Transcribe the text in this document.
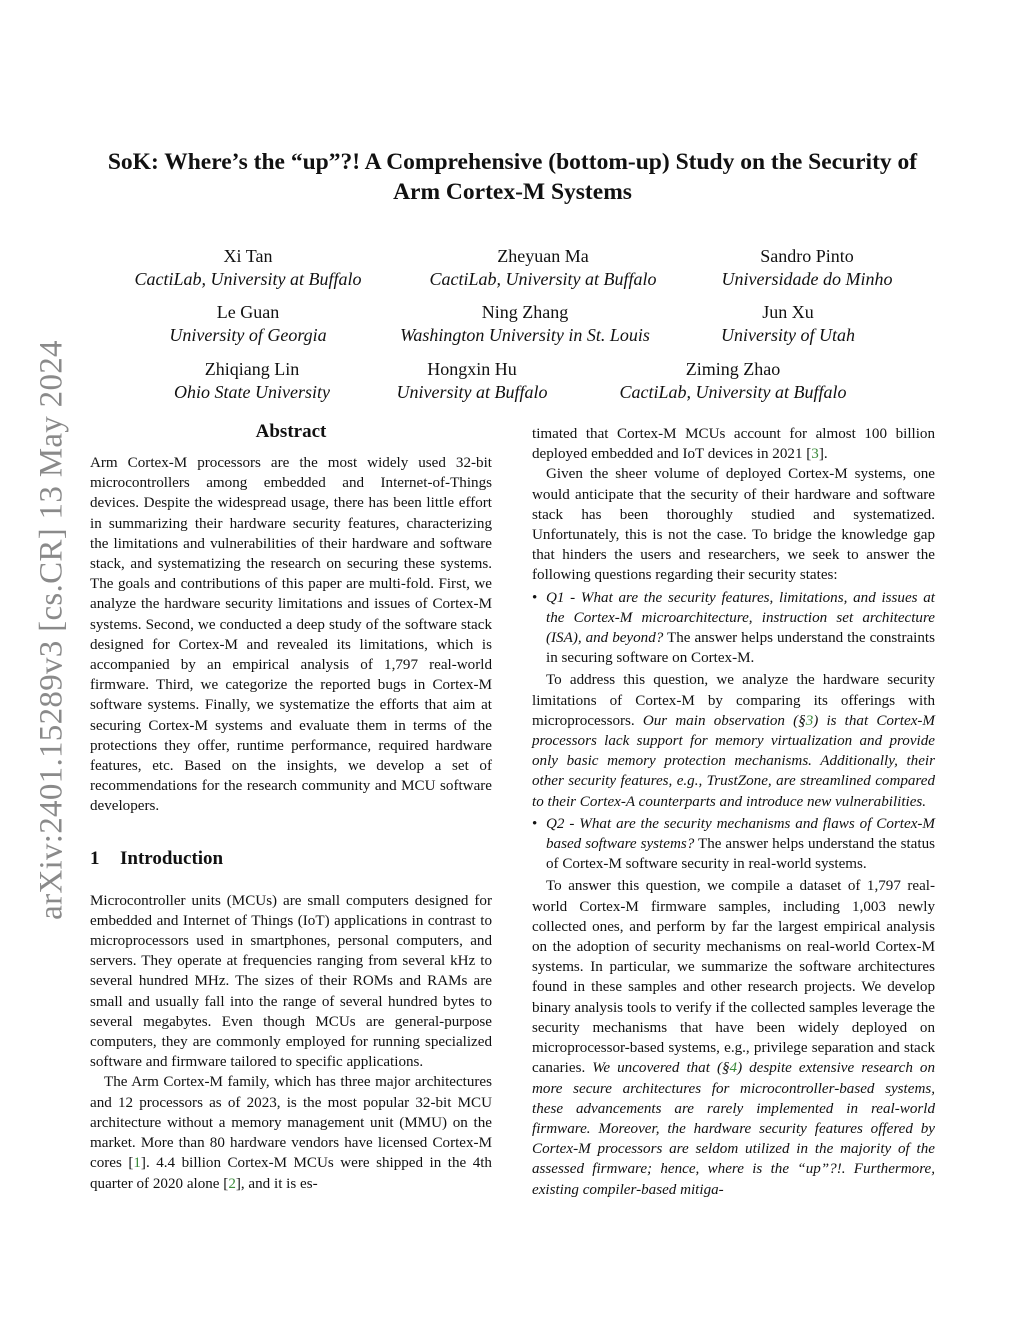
arXiv:2401.15289v3 [cs.CR] 13 May 2024
SoK: Where’s the “up”?! A Comprehensive (bottom-up) Study on the Security of
Arm Cortex-M Systems
Xi Tan
CactiLab, University at Buffalo
Zheyuan Ma
CactiLab, University at Buffalo
Sandro Pinto
Universidade do Minho
Le Guan
University of Georgia
Ning Zhang
Washington University in St. Louis
Jun Xu
University of Utah
Zhiqiang Lin
Ohio State University
Hongxin Hu
University at Buffalo
Ziming Zhao
CactiLab, University at Buffalo
Abstract

Arm Cortex-M processors are the most widely used 32-bit microcontrollers among embedded and Internet-of-Things devices. Despite the widespread usage, there has been little effort in summarizing their hardware security features, characterizing the limitations and vulnerabilities of their hardware and software stack, and systematizing the research on securing these systems. The goals and contributions of this paper are multi-fold. First, we analyze the hardware security limitations and issues of Cortex-M systems. Second, we conducted a deep study of the software stack designed for Cortex-M and revealed its limitations, which is accompanied by an empirical analysis of 1,797 real-world firmware. Third, we categorize the reported bugs in Cortex-M software systems. Finally, we systematize the efforts that aim at securing Cortex-M systems and evaluate them in terms of the protections they offer, runtime performance, required hardware features, etc. Based on the insights, we develop a set of recommendations for the research community and MCU software developers.

1 Introduction

Microcontroller units (MCUs) are small computers designed for embedded and Internet of Things (IoT) applications in contrast to microprocessors used in smartphones, personal computers, and servers. They operate at frequencies ranging from several kHz to several hundred MHz. The sizes of their ROMs and RAMs are small and usually fall into the range of several hundred bytes to several megabytes. Even though MCUs are general-purpose computers, they are commonly employed for running specialized software and firmware tailored to specific applications.

The Arm Cortex-M family, which has three major architectures and 12 processors as of 2023, is the most popular 32-bit MCU architecture without a memory management unit (MMU) on the market. More than 80 hardware vendors have licensed Cortex-M cores [1]. 4.4 billion Cortex-M MCUs were shipped in the 4th quarter of 2020 alone [2], and it is es-

timated that Cortex-M MCUs account for almost 100 billion deployed embedded and IoT devices in 2021 [3].

Given the sheer volume of deployed Cortex-M systems, one would anticipate that the security of their hardware and software stack has been thoroughly studied and systematized. Unfortunately, this is not the case. To bridge the knowledge gap that hinders the users and researchers, we seek to answer the following questions regarding their security states:

• Q1 - What are the security features, limitations, and issues at the Cortex-M microarchitecture, instruction set architecture (ISA), and beyond? The answer helps understand the constraints in securing software on Cortex-M.

To address this question, we analyze the hardware security limitations of Cortex-M by comparing its offerings with microprocessors. Our main observation (§3) is that Cortex-M processors lack support for memory virtualization and provide only basic memory protection mechanisms. Additionally, their other security features, e.g., TrustZone, are streamlined compared to their Cortex-A counterparts and introduce new vulnerabilities.

• Q2 - What are the security mechanisms and flaws of Cortex-M based software systems? The answer helps understand the status of Cortex-M software security in real-world systems.

To answer this question, we compile a dataset of 1,797 real-world Cortex-M firmware samples, including 1,003 newly collected ones, and perform by far the largest empirical analysis on the adoption of security mechanisms on real-world Cortex-M systems. In particular, we summarize the software architectures found in these samples and other research projects. We develop binary analysis tools to verify if the collected samples leverage the security mechanisms that have been widely deployed on microprocessor-based systems, e.g., privilege separation and stack canaries. We uncovered that (§4) despite extensive research on more secure architectures for microcontroller-based systems, these advancements are rarely implemented in real-world firmware. Moreover, the hardware security features offered by Cortex-M processors are seldom utilized in the majority of the assessed firmware; hence, where is the “up”?!. Furthermore, existing compiler-based mitiga-
